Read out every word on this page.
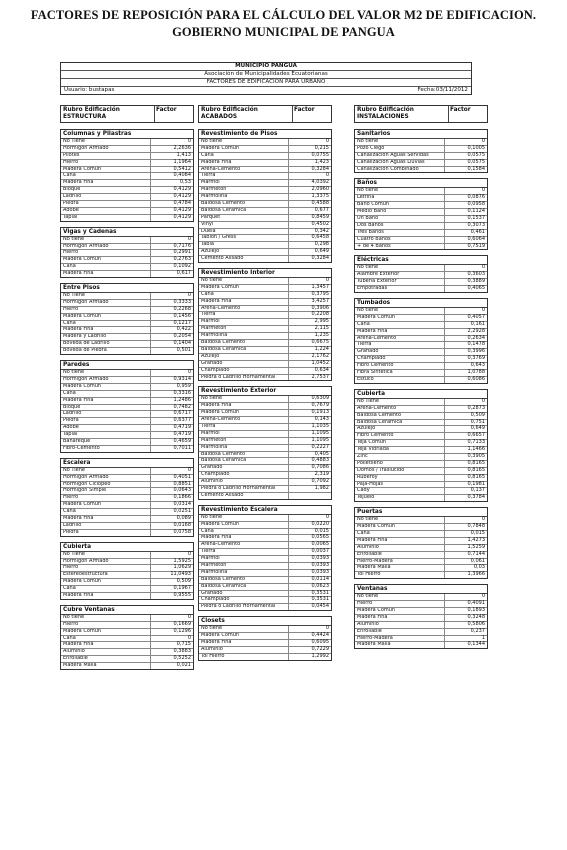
FACTORES DE REPOSICIÓN PARA EL CÁLCULO DEL VALOR M2 DE EDIFICACION.
GOBIERNO MUNICIPAL DE PANGUA
MUNICIPIO PANGUA
Asociación de Municipalidades Ecuatorianas
FACTORES DE EDIFICACION PARA URBANO
Usuario: bustapas	Fecha:03/11/2012
Rubro Edificación
ESTRUCTURA
Factor
Columnas y Pilastras
No Tiene	0
Hormigón Armado	2,2636
Pilotes	1,413
Hierro	1,1964
Madera Común	0,5412
Caña	0,4084
Madera Fina	0,53
Bloque	0,4129
Ladrillo	0,4129
Piedra	0,4784
Adobe	0,4129
Tapial	0,4129
Vigas y Cadenas
No tiene	0
Hormigón Armado	0,7176
Hierro	0,2991
Madera Común	0,2763
Caña	0,1092
Madera Fina	0,617
Entre Pisos
No Tiene	0
Hormigón Armado	0,3333
Hierro	0,2268
Madera Común	0,1456
Caña	0,1217
Madera Fina	0,422
Madera y Ladrillo	0,2054
Bóveda de Ladrillo	0,1404
Bóveda de Piedra	0,501
Paredes
No tiene	0
Hormigón Armado	0,9314
Madera Común	0,959
Caña	0,3316
Madera Fina	1,2486
Bloque	0,7482
Ladrillo	0,6717
Piedra	0,6377
Adobe	0,4719
Tapial	0,4719
Bahareque	0,4659
Fibro-Cemento	0,7011
Escalera
No Tiene	0
Hormigón Armado	0,4051
Hormigón Ciclopeo	0,8851
Hormigón Simple	0,0643
Hierro	0,1866
Madera Común	0,0314
Caña	0,0251
Madera Fina	0,089
Ladrillo	0,0168
Piedra	0,0758
Cubierta
No Tiene	0
Hormigón Armado	1,5925
Hierro	1,0629
Estereoestructura	11,0493
Madera Común	0,509
Caña	0,1967
Madera Fina	0,9555
Cubre Ventanas
No tiene	0
Hierro	0,1669
Madera Común	0,1296
Caña	0
Madera Fina	0,715
Aluminio	0,3883
Enrollable	0,5252
Madera Malla	0,021
Rubro Edificación
ACABADOS
Factor
Revestimiento de Pisos
No tiene	0
Madera Común	0,215
Caña	0,0755
Madera Fina	1,423
Arena-Cemento	0,3284
Tierra	0
Mármol	4,0392
Marmeton	2,0960
Marmolina	1,3375
Baldosa Cemento	0,4588
Baldosa Cerámica	0,677
Parquet	0,8459
Vinyl	0,4502
Duela	0,342
Tablón / Gress	0,6458
Tabla	0,298
Azulejo	0,649
Cemento Alisado	0,3284
Revestimiento Interior
No tiene	0
Madera Común	1,3457
Caña	0,3795
Madera Fina	3,4257
Arena-Cemento	0,3906
Tierra	0,2208
Mármol	2,995
Marmeton	2,115
Marmolina	1,235
Baldosa Cemento	0,6675
Baldosa Cerámica	1,224
Azulejo	2,1762
Grafiado	1,0452
Champiado	0,634
Piedra o Ladrillo Hornamental	2,7537
Revestimiento Exterior
No tiene	0,6309
Madera Fina	0,7679
Madera Común	0,1913
Arena-Cemento	0,143
Tierra	1,1035
Mármol	1,1095
Marmeton	1,1095
Marmolina	0,2227
Baldosa Cemento	0,405
Baldosa Cerámica	0,4883
Grafiado	0,7086
Champiado	2,319
Aluminio	0,7092
Piedra o Ladrillo Hornamental	1,982
Cemento Alisado
Revestimiento Escalera
No tiene	0
Madera Común	0,0220
Caña	0,015
Madera Fina	0,0565
Arena-Cemento	0,0065
Tierra	0,0037
Mármol	0,0393
Marmeton	0,0393
Marmolina	0,0393
Baldosa Cemento	0,0114
Baldosa Cerámica	0,0623
Grafiado	0,3531
Champiado	0,3531
Piedra o Ladrillo Hornamental	0,0454
Closets
No tiene	0
Madera Común	0,4424
Madera Fina	0,6095
Aluminio	0,7229
Tol Hierro	1,2992
Rubro Edificación
INSTALACIONES
Factor
Sanitarios
No tiene	0
Pozo Ciego	0,1005
Canalización Aguas Servidas	0,0575
Canalización Aguas Lluvias	0,0575
Canalización Combinado	0,1584
Baños
No tiene	0
Letrina	0,0876
Baño Común	0,0958
Medio Baño	0,1124
Un Baño	0,1537
Dos Baños	0,3073
Tres Baños	0,461
Cuatro Baños	0,6064
+ de 4 Baños	0,7519
Eléctricas
No tiene	0
Alambre Exterior	0,3603
Tubería Exterior	0,3889
Empotradas	0,4065
Tumbados
No tiene	0
Madera Común	0,4057
Caña	0,161
Madera Fina	2,2928
Arena-Cemento	0,2634
Tierra	0,1478
Grafiado	0,3996
Champiado	0,3769
Fibro Cemento	0,643
Fibra Sintética	1,0788
Estuco	0,6086
Cubierta
No Tiene	0
Arena-Cemento	0,2873
Baldosa Cemento	0,509
Baldosa Cerámica	0,751
Azulejo	0,649
Fibro Cemento	0,6657
Teja Común	0,7133
Teja Vidriada	1,1466
Zinc	0,3905
Polietileno	0,8165
Domos / Traslúcido	0,8165
Ruberoy	0,8165
Paja-Hojas	0,1981
Cady	0,137
Tejuelo	0,3784
Puertas
No tiene	0
Madera Común	0,7848
Caña	0,015
Madera Fina	1,4273
Aluminio	1,5259
Enrollable	0,7144
Hierro-Madera	0,061
Madera Malla	0,03
Tol Hierro	1,3966
Ventanas
No tiene	0
Hierro	0,4091
Madera Común	0,1893
Madera Fina	0,3248
Aluminio	0,5806
Enrollable	0,237
Hierro-Madera	1
Madera Malla	0,1344
